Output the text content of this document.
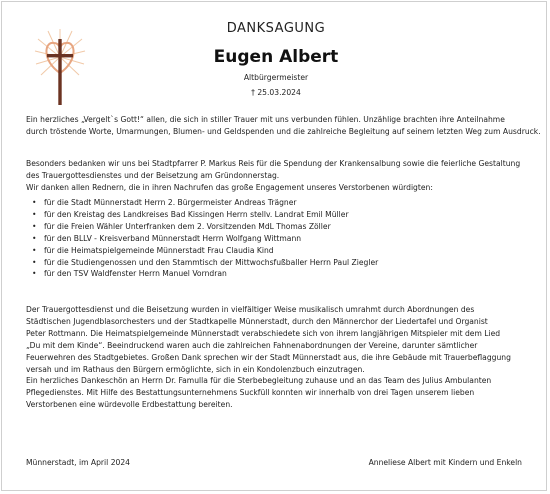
DANKSAGUNG
Eugen Albert
Altbürgermeister
† 25.03.2024
Ein herzliches „Vergelt`s Gott!“ allen, die sich in stiller Trauer mit uns verbunden fühlen. Unzählige brachten ihre Anteilnahme
durch tröstende Worte, Umarmungen, Blumen- und Geldspenden und die zahlreiche Begleitung auf seinem letzten Weg zum Ausdruck.
Besonders bedanken wir uns bei Stadtpfarrer P. Markus Reis für die Spendung der Krankensalbung sowie die feierliche Gestaltung
des Trauergottesdienstes und der Beisetzung am Gründonnerstag.
Wir danken allen Rednern, die in ihren Nachrufen das große Engagement unseres Verstorbenen würdigten:
• für die Stadt Münnerstadt Herrn 2. Bürgermeister Andreas Trägner
• für den Kreistag des Landkreises Bad Kissingen Herrn stellv. Landrat Emil Müller
• für die Freien Wähler Unterfranken dem 2. Vorsitzenden MdL Thomas Zöller
• für den BLLV - Kreisverband Münnerstadt Herrn Wolfgang Wittmann
• für die Heimatspielgemeinde Münnerstadt Frau Claudia Kind
• für die Studiengenossen und den Stammtisch der Mittwochsfußballer Herrn Paul Ziegler
• für den TSV Waldfenster Herrn Manuel Vorndran
Der Trauergottesdienst und die Beisetzung wurden in vielfältiger Weise musikalisch umrahmt durch Abordnungen des
Städtischen Jugendblasorchesters und der Stadtkapelle Münnerstadt, durch den Männerchor der Liedertafel und Organist
Peter Rottmann. Die Heimatspielgemeinde Münnerstadt verabschiedete sich von ihrem langjährigen Mitspieler mit dem Lied
„Du mit dem Kinde“. Beeindruckend waren auch die zahlreichen Fahnenabordnungen der Vereine, darunter sämtlicher
Feuerwehren des Stadtgebietes. Großen Dank sprechen wir der Stadt Münnerstadt aus, die ihre Gebäude mit Trauerbeflaggung
versah und im Rathaus den Bürgern ermöglichte, sich in ein Kondolenzbuch einzutragen.
Ein herzliches Dankeschön an Herrn Dr. Famulla für die Sterbebegleitung zuhause und an das Team des Julius Ambulanten
Pflegedienstes. Mit Hilfe des Bestattungsunternehmens Suckfüll konnten wir innerhalb von drei Tagen unserem lieben
Verstorbenen eine würdevolle Erdbestattung bereiten.
Münnerstadt, im April 2024	Anneliese Albert mit Kindern und Enkeln
